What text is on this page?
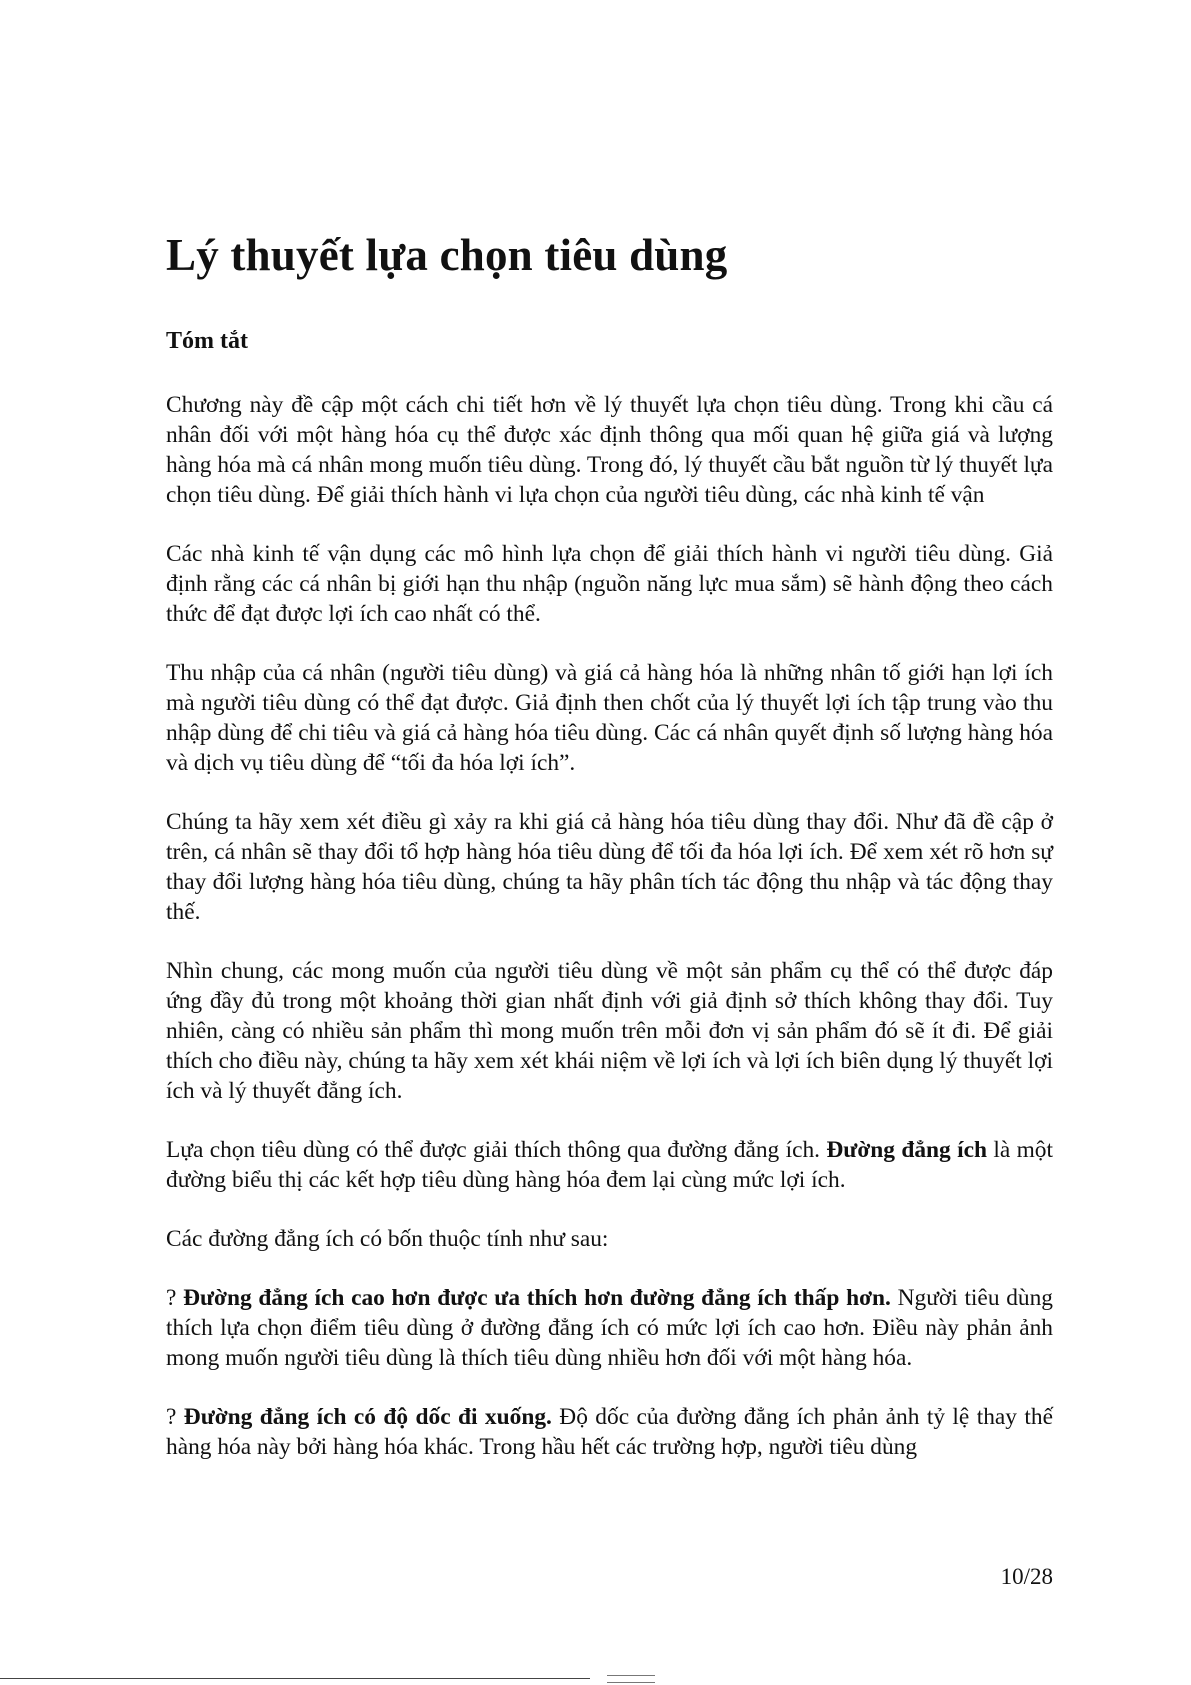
Lý thuyết lựa chọn tiêu dùng
Tóm tắt

Chương này đề cập một cách chi tiết hơn về lý thuyết lựa chọn tiêu dùng. Trong khi cầu cá nhân đối với một hàng hóa cụ thể được xác định thông qua mối quan hệ giữa giá và lượng hàng hóa mà cá nhân mong muốn tiêu dùng. Trong đó, lý thuyết cầu bắt nguồn từ lý thuyết lựa chọn tiêu dùng. Để giải thích hành vi lựa chọn của người tiêu dùng, các nhà kinh tế vận

Các nhà kinh tế vận dụng các mô hình lựa chọn để giải thích hành vi người tiêu dùng. Giả định rằng các cá nhân bị giới hạn thu nhập (nguồn năng lực mua sắm) sẽ hành động theo cách thức để đạt được lợi ích cao nhất có thể.

Thu nhập của cá nhân (người tiêu dùng) và giá cả hàng hóa là những nhân tố giới hạn lợi ích mà người tiêu dùng có thể đạt được. Giả định then chốt của lý thuyết lợi ích tập trung vào thu nhập dùng để chi tiêu và giá cả hàng hóa tiêu dùng. Các cá nhân quyết định số lượng hàng hóa và dịch vụ tiêu dùng để “tối đa hóa lợi ích”.

Chúng ta hãy xem xét điều gì xảy ra khi giá cả hàng hóa tiêu dùng thay đổi. Như đã đề cập ở trên, cá nhân sẽ thay đổi tổ hợp hàng hóa tiêu dùng để tối đa hóa lợi ích. Để xem xét rõ hơn sự thay đổi lượng hàng hóa tiêu dùng, chúng ta hãy phân tích tác động thu nhập và tác động thay thế.

Nhìn chung, các mong muốn của người tiêu dùng về một sản phẩm cụ thể có thể được đáp ứng đầy đủ trong một khoảng thời gian nhất định với giả định sở thích không thay đổi. Tuy nhiên, càng có nhiều sản phẩm thì mong muốn trên mỗi đơn vị sản phẩm đó sẽ ít đi. Để giải thích cho điều này, chúng ta hãy xem xét khái niệm về lợi ích và lợi ích biên dụng lý thuyết lợi ích và lý thuyết đẳng ích.

Lựa chọn tiêu dùng có thể được giải thích thông qua đường đẳng ích. Đường đẳng ích là một đường biểu thị các kết hợp tiêu dùng hàng hóa đem lại cùng mức lợi ích.

Các đường đẳng ích có bốn thuộc tính như sau:

? Đường đẳng ích cao hơn được ưa thích hơn đường đẳng ích thấp hơn. Người tiêu dùng thích lựa chọn điểm tiêu dùng ở đường đẳng ích có mức lợi ích cao hơn. Điều này phản ảnh mong muốn người tiêu dùng là thích tiêu dùng nhiều hơn đối với một hàng hóa.

? Đường đẳng ích có độ dốc đi xuống. Độ dốc của đường đẳng ích phản ảnh tỷ lệ thay thế hàng hóa này bởi hàng hóa khác. Trong hầu hết các trường hợp, người tiêu dùng

10/28
